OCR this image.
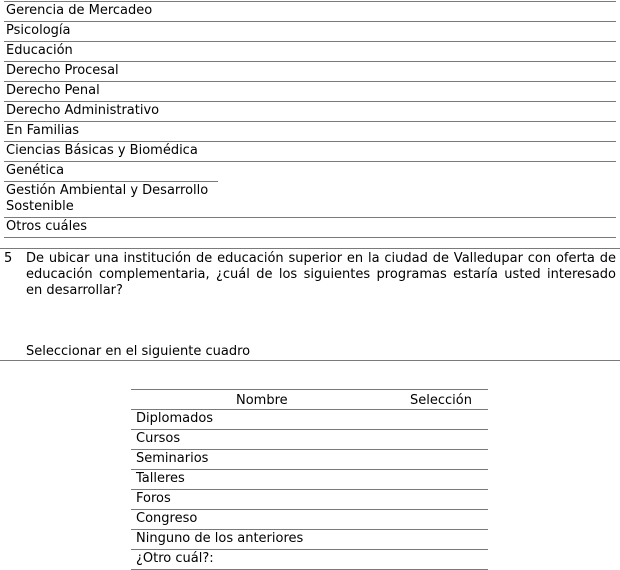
Gerencia de Mercadeo
Psicología
Educación
Derecho Procesal
Derecho Penal
Derecho Administrativo
En Familias
Ciencias Básicas y Biomédica
Genética
Gestión Ambiental y Desarrollo Sostenible
Otros cuáles
5 De ubicar una institución de educación superior en la ciudad de Valledupar con oferta de educación complementaria, ¿cuál de los siguientes programas estaría usted interesado en desarrollar?
Seleccionar en el siguiente cuadro
Nombre	Selección
Diplomados
Cursos
Seminarios
Talleres
Foros
Congreso
Ninguno de los anteriores
¿Otro cuál?:
